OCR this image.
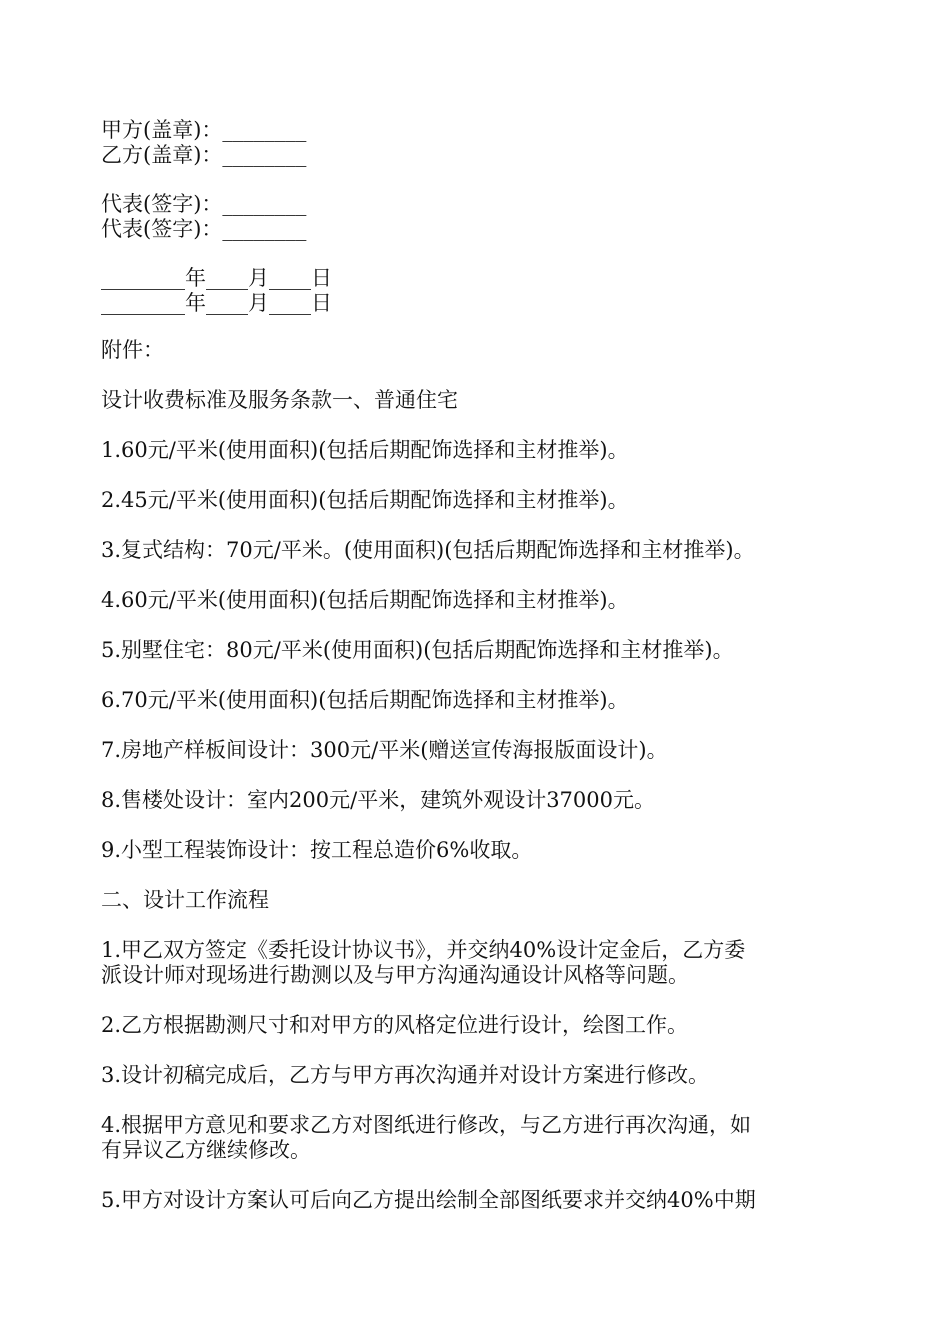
甲方(盖章)：________

乙方(盖章)：________

代表(签字)：________

代表(签字)：________

________年____月____日

________年____月____日

附件：

设计收费标准及服务条款一、普通住宅

1.60元/平米(使用面积)(包括后期配饰选择和主材推举)。

2.45元/平米(使用面积)(包括后期配饰选择和主材推举)。

3.复式结构：70元/平米。(使用面积)(包括后期配饰选择和主材推举)。

4.60元/平米(使用面积)(包括后期配饰选择和主材推举)。

5.别墅住宅：80元/平米(使用面积)(包括后期配饰选择和主材推举)。

6.70元/平米(使用面积)(包括后期配饰选择和主材推举)。

7.房地产样板间设计：300元/平米(赠送宣传海报版面设计)。

8.售楼处设计：室内200元/平米，建筑外观设计37000元。

9.小型工程装饰设计：按工程总造价6%收取。

二、设计工作流程

1.甲乙双方签定《委托设计协议书》，并交纳40%设计定金后，乙方委
派设计师对现场进行勘测以及与甲方沟通沟通设计风格等问题。

2.乙方根据勘测尺寸和对甲方的风格定位进行设计，绘图工作。

3.设计初稿完成后，乙方与甲方再次沟通并对设计方案进行修改。

4.根据甲方意见和要求乙方对图纸进行修改，与乙方进行再次沟通，如
有异议乙方继续修改。

5.甲方对设计方案认可后向乙方提出绘制全部图纸要求并交纳40%中期
